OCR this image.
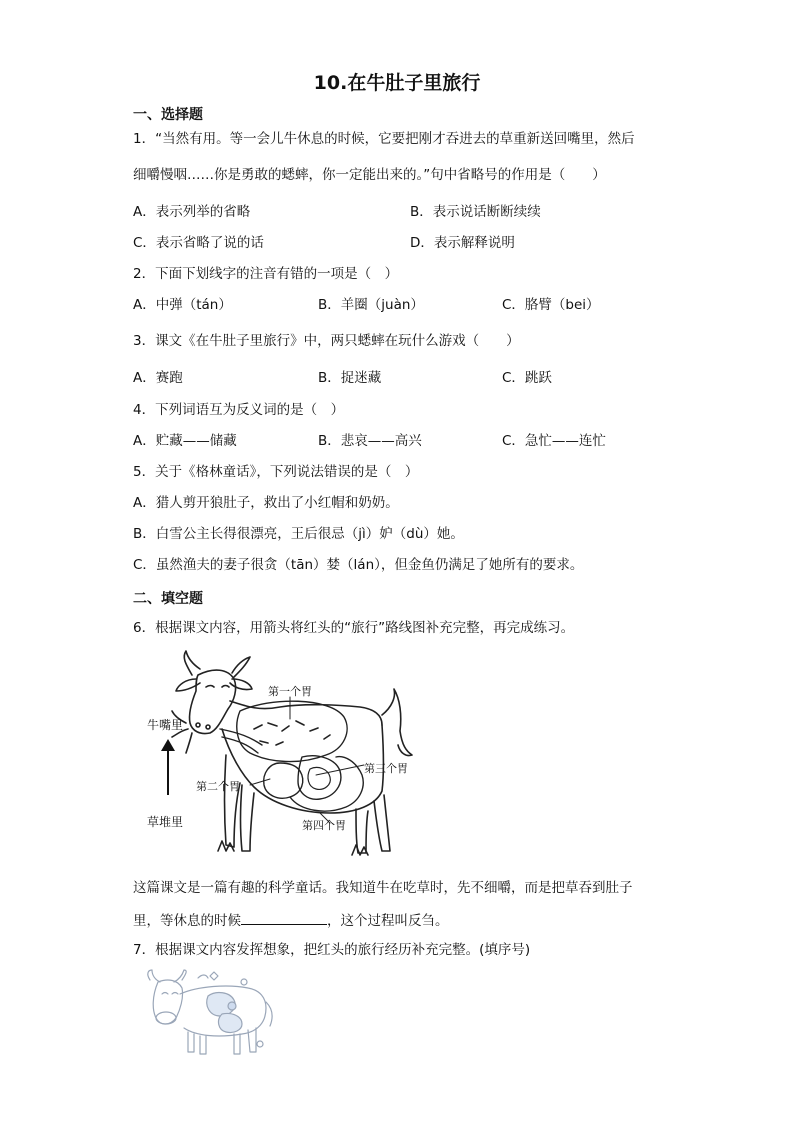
10.在牛肚子里旅行
一、选择题
1．“当然有用。等一会儿牛休息的时候，它要把刚才吞进去的草重新送回嘴里，然后
细嚼慢咽……你是勇敢的蟋蟀，你一定能出来的。”句中省略号的作用是（　　）
A．表示列举的省略	B．表示说话断断续续
C．表示省略了说的话	D．表示解释说明
2．下面下划线字的注音有错的一项是（　）
A．中弹（tán）	B．羊圈（juàn）	C．胳臂（bei）
3．课文《在牛肚子里旅行》中，两只蟋蟀在玩什么游戏（　　）
A．赛跑	B．捉迷藏	C．跳跃
4．下列词语互为反义词的是（　）
A．贮藏——储藏	B．悲哀——高兴	C．急忙——连忙
5．关于《格林童话》，下列说法错误的是（　）
A．猎人剪开狼肚子，救出了小红帽和奶奶。
B．白雪公主长得很漂亮，王后很忌（jì）妒（dù）她。
C．虽然渔夫的妻子很贪（tān）婪（lán），但金鱼仍满足了她所有的要求。
二、填空题
6．根据课文内容，用箭头将红头的“旅行”路线图补充完整，再完成练习。
牛嘴里
草堆里
第一个胃
第二个胃
第三个胃
第四个胃
这篇课文是一篇有趣的科学童话。我知道牛在吃草时，先不细嚼，而是把草吞到肚子
里，等休息的时候	，这个过程叫反刍。
7．根据课文内容发挥想象，把红头的旅行经历补充完整。(填序号)
